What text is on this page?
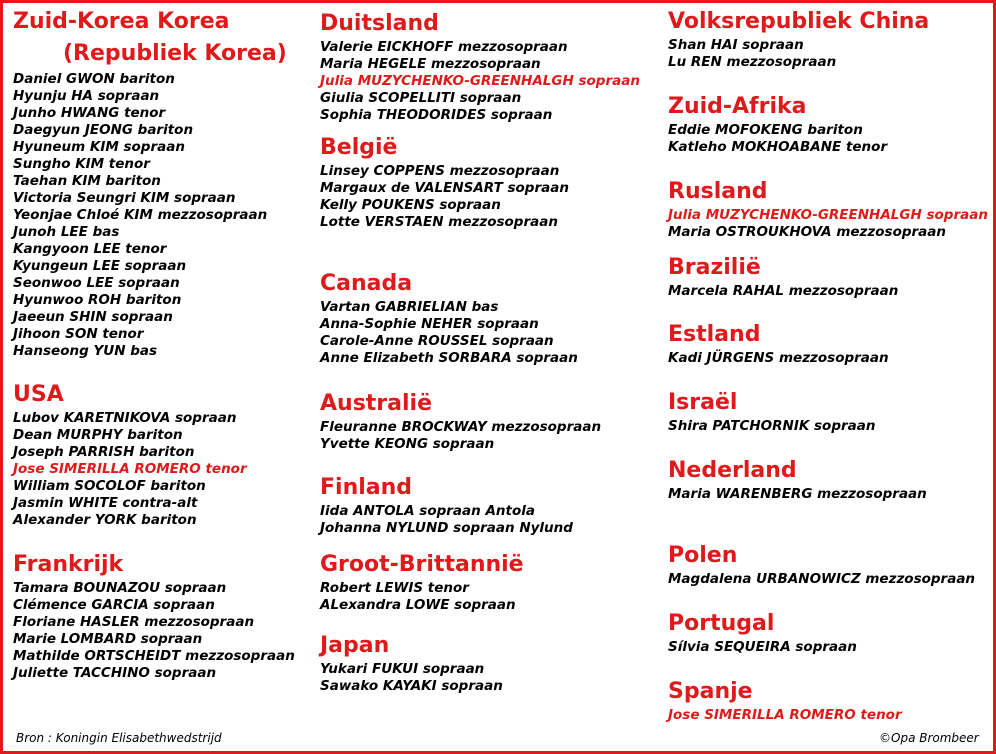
Zuid-Korea Korea
(Republiek Korea)
Daniel GWON bariton
Hyunju HA sopraan
Junho HWANG tenor
Daegyun JEONG bariton
Hyuneum KIM sopraan
Sungho KIM tenor
Taehan KIM bariton
Victoria Seungri KIM sopraan
Yeonjae Chloé KIM mezzosopraan
Junoh LEE bas
Kangyoon LEE tenor
Kyungeun LEE sopraan
Seonwoo LEE sopraan
Hyunwoo ROH bariton
Jaeeun SHIN sopraan
Jihoon SON tenor
Hanseong YUN bas
USA
Lubov KARETNIKOVA sopraan
Dean MURPHY bariton
Joseph PARRISH bariton
Jose SIMERILLA ROMERO tenor
William SOCOLOF bariton
Jasmin WHITE contra-alt
Alexander YORK bariton
Frankrijk
Tamara BOUNAZOU sopraan
Clémence GARCIA sopraan
Floriane HASLER mezzosopraan
Marie LOMBARD sopraan
Mathilde ORTSCHEIDT mezzosopraan
Juliette TACCHINO sopraan
Duitsland
Valerie EICKHOFF mezzosopraan
Maria HEGELE mezzosopraan
Julia MUZYCHENKO-GREENHALGH sopraan
Giulia SCOPELLITI sopraan
Sophia THEODORIDES sopraan
België
Linsey COPPENS mezzosopraan
Margaux de VALENSART sopraan
Kelly POUKENS sopraan
Lotte VERSTAEN mezzosopraan
Canada
Vartan GABRIELIAN bas
Anna-Sophie NEHER sopraan
Carole-Anne ROUSSEL sopraan
Anne Elizabeth SORBARA sopraan
Australië
Fleuranne BROCKWAY mezzosopraan
Yvette KEONG sopraan
Finland
Iida ANTOLA sopraan Antola
Johanna NYLUND sopraan Nylund
Groot-Brittannië
Robert LEWIS tenor
ALexandra LOWE sopraan
Japan
Yukari FUKUI sopraan
Sawako KAYAKI sopraan
Volksrepubliek China
Shan HAI sopraan
Lu REN mezzosopraan
Zuid-Afrika
Eddie MOFOKENG bariton
Katleho MOKHOABANE tenor
Rusland
Julia MUZYCHENKO-GREENHALGH sopraan
Maria OSTROUKHOVA mezzosopraan
Brazilië
Marcela RAHAL mezzosopraan
Estland
Kadi JÜRGENS mezzosopraan
Israël
Shira PATCHORNIK sopraan
Nederland
Maria WARENBERG mezzosopraan
Polen
Magdalena URBANOWICZ mezzosopraan
Portugal
Sílvia SEQUEIRA sopraan
Spanje
Jose SIMERILLA ROMERO tenor
Bron : Koningin Elisabethwedstrijd	©Opa Brombeer
